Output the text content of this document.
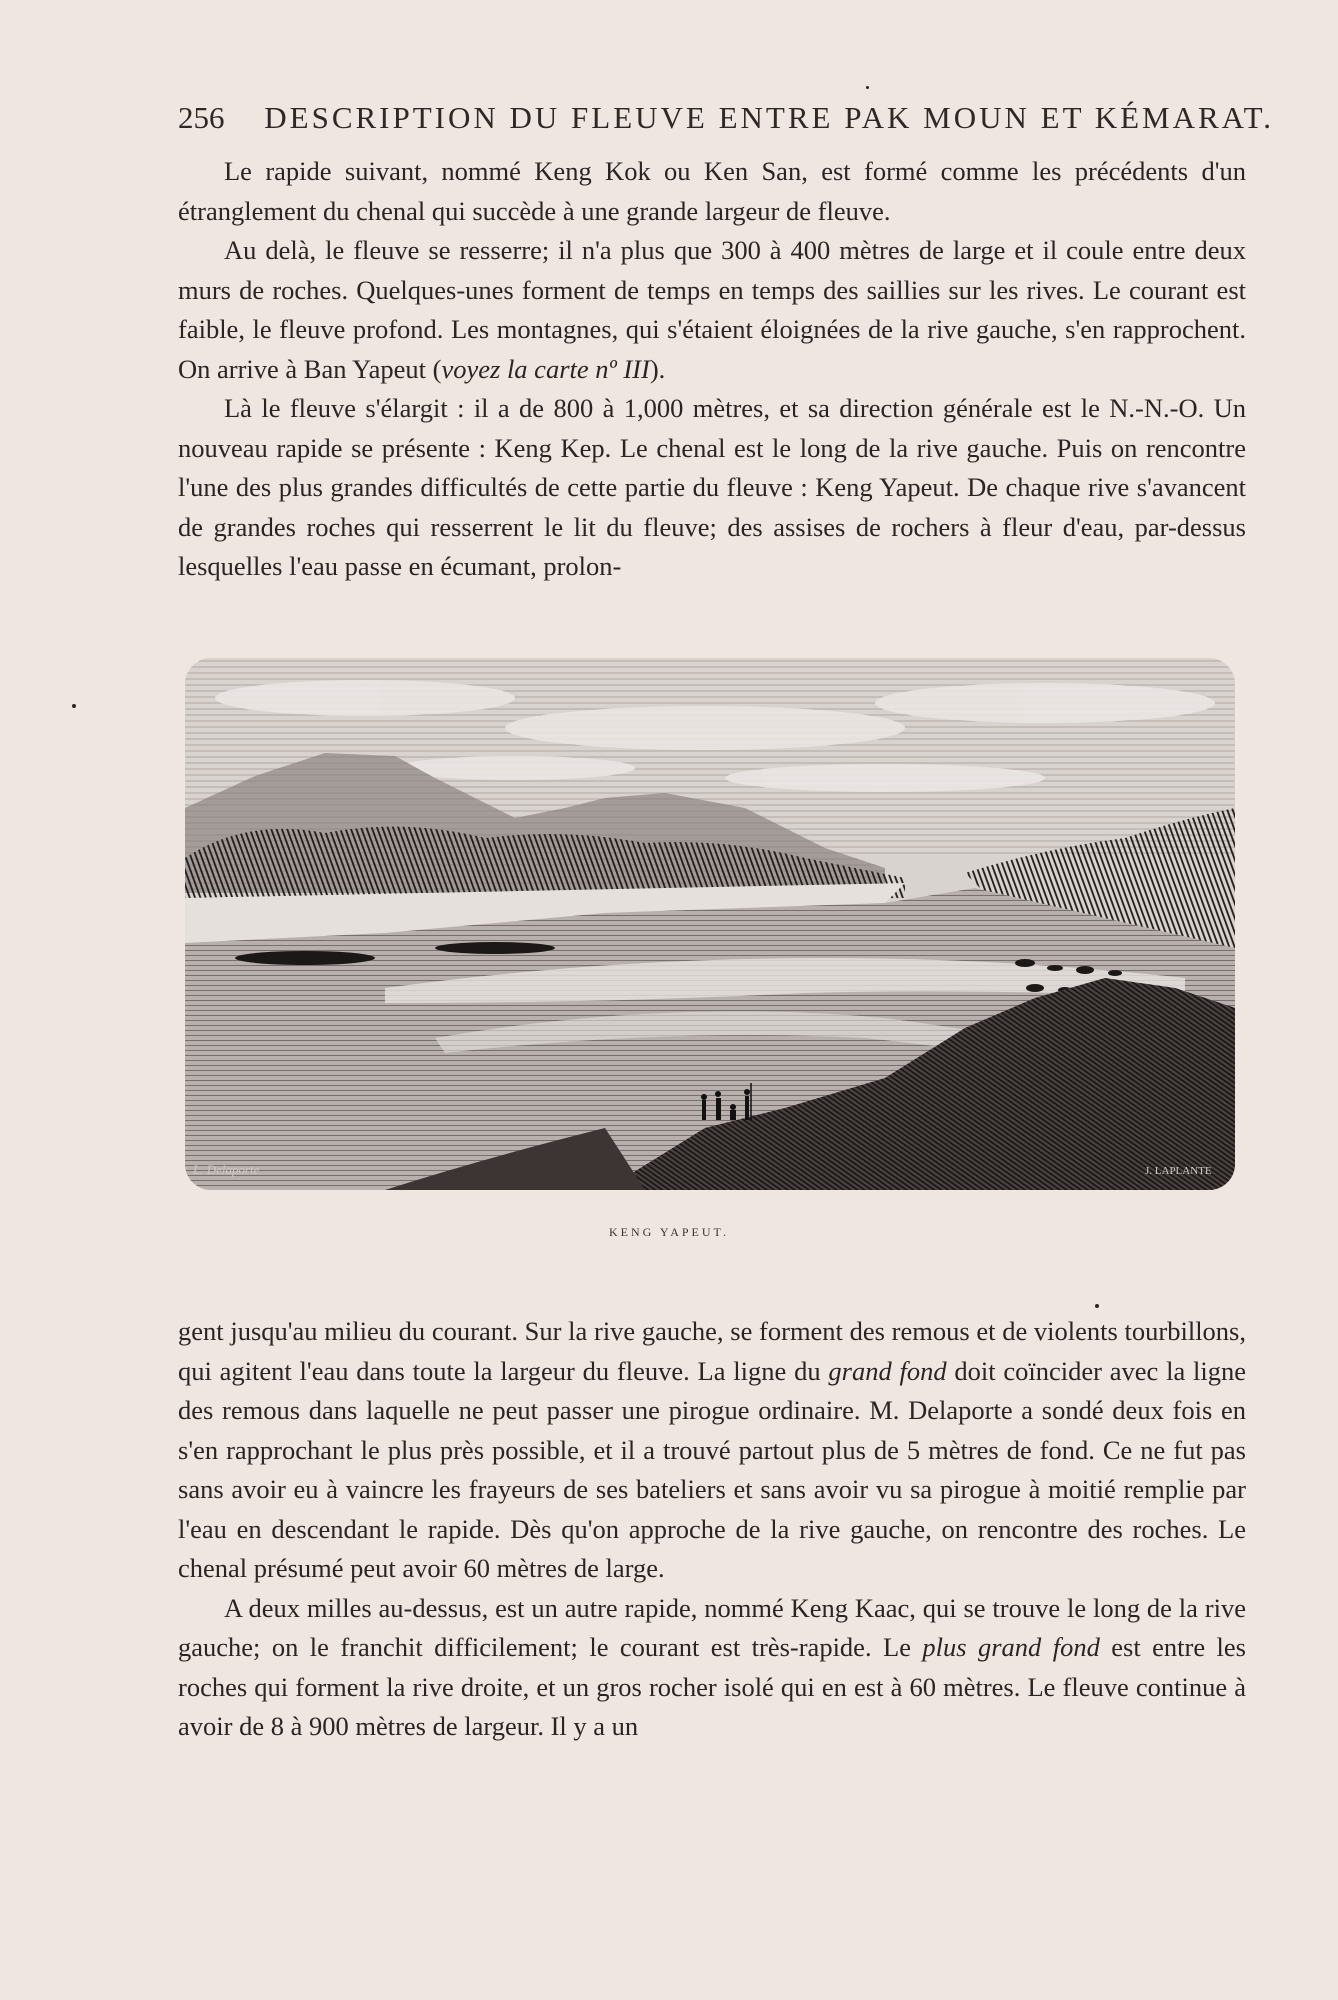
256 DESCRIPTION DU FLEUVE ENTRE PAK MOUN ET KÉMARAT.

Le rapide suivant, nommé Keng Kok ou Ken San, est formé comme les précédents d'un étranglement du chenal qui succède à une grande largeur de fleuve.

Au delà, le fleuve se resserre; il n'a plus que 300 à 400 mètres de large et il coule entre deux murs de roches. Quelques-unes forment de temps en temps des saillies sur les rives. Le courant est faible, le fleuve profond. Les montagnes, qui s'étaient éloignées de la rive gauche, s'en rapprochent. On arrive à Ban Yapeut (voyez la carte nº III).

Là le fleuve s'élargit : il a de 800 à 1,000 mètres, et sa direction générale est le N.-N.-O. Un nouveau rapide se présente : Keng Kep. Le chenal est le long de la rive gauche. Puis on rencontre l'une des plus grandes difficultés de cette partie du fleuve : Keng Yapeut. De chaque rive s'avancent de grandes roches qui resserrent le lit du fleuve; des assises de rochers à fleur d'eau, par-dessus lesquelles l'eau passe en écumant, prolon-

L. Delaporte	J. LAPLANTE
KENG YAPEUT.

gent jusqu'au milieu du courant. Sur la rive gauche, se forment des remous et de violents tourbillons, qui agitent l'eau dans toute la largeur du fleuve. La ligne du grand fond doit coïncider avec la ligne des remous dans laquelle ne peut passer une pirogue ordinaire. M. Delaporte a sondé deux fois en s'en rapprochant le plus près possible, et il a trouvé partout plus de 5 mètres de fond. Ce ne fut pas sans avoir eu à vaincre les frayeurs de ses bateliers et sans avoir vu sa pirogue à moitié remplie par l'eau en descendant le rapide. Dès qu'on approche de la rive gauche, on rencontre des roches. Le chenal présumé peut avoir 60 mètres de large.

A deux milles au-dessus, est un autre rapide, nommé Keng Kaac, qui se trouve le long de la rive gauche; on le franchit difficilement; le courant est très-rapide. Le plus grand fond est entre les roches qui forment la rive droite, et un gros rocher isolé qui en est à 60 mètres. Le fleuve continue à avoir de 8 à 900 mètres de largeur. Il y a un
